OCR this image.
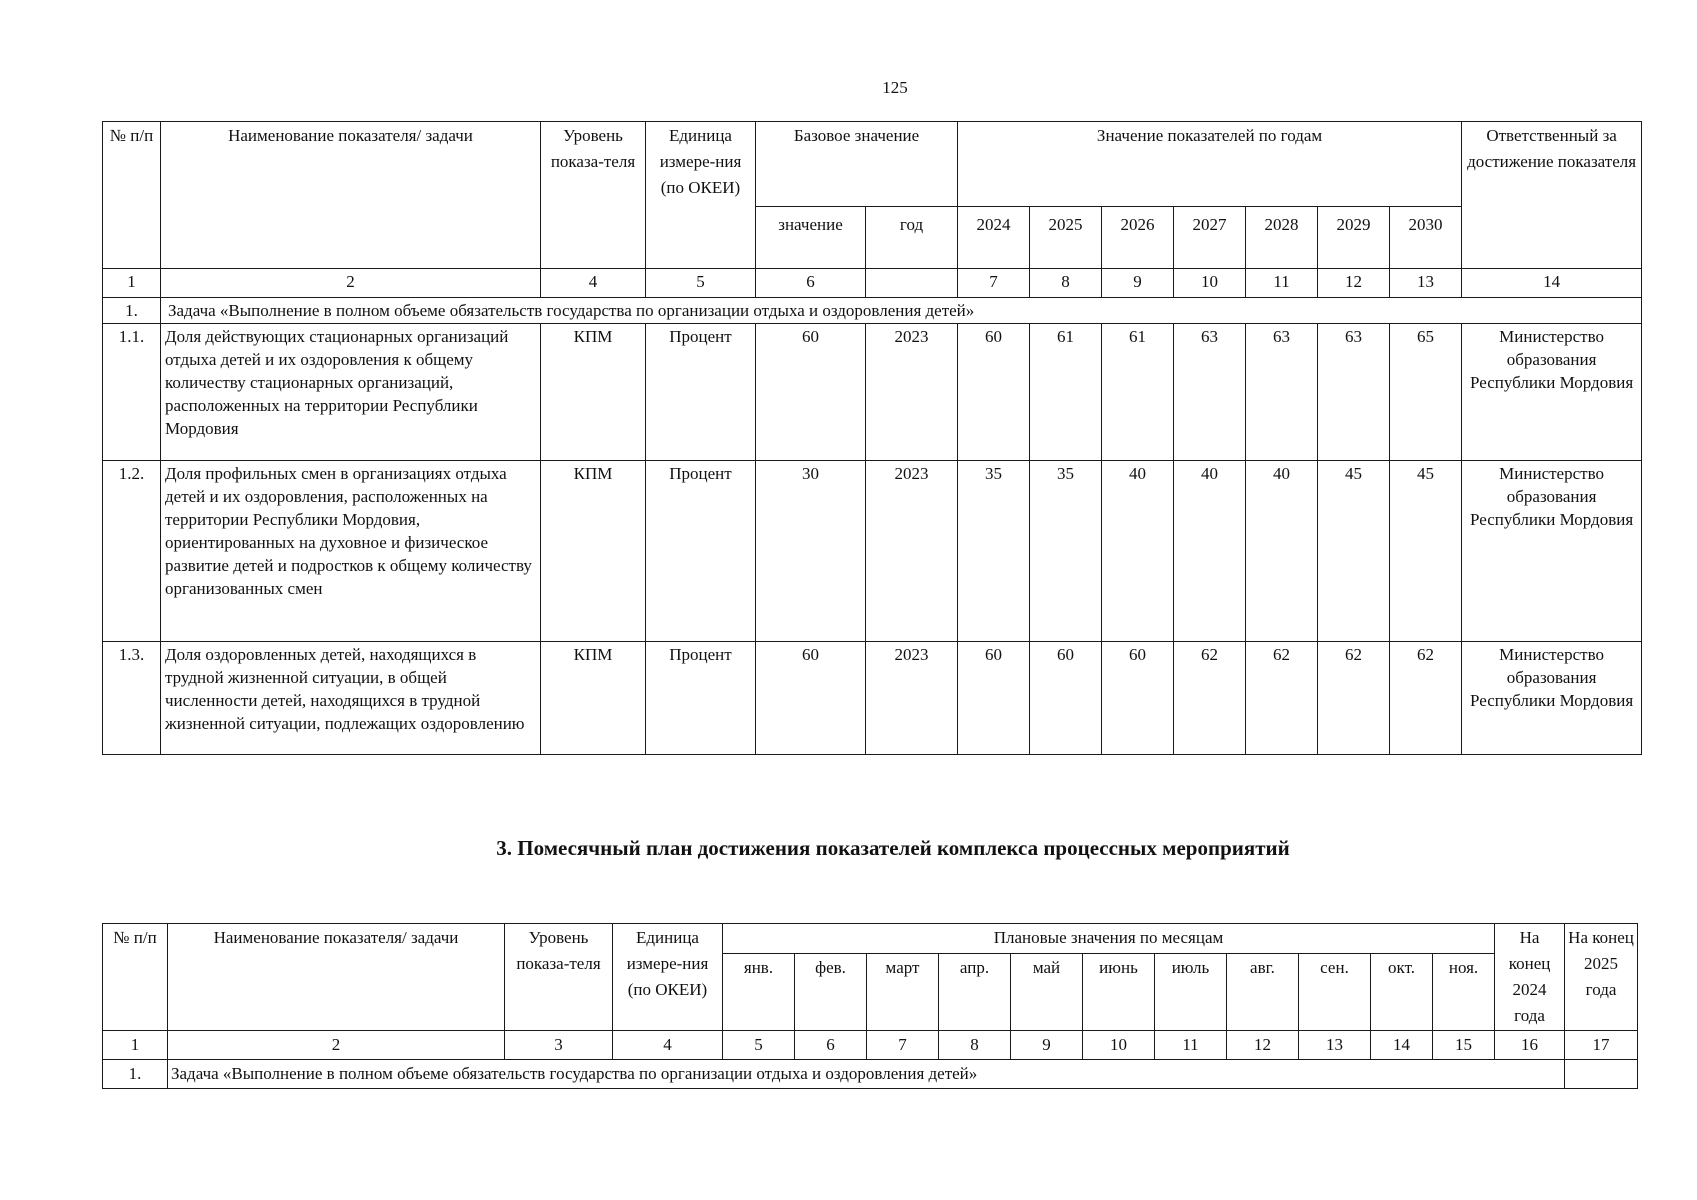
125
№ п/п	Наименование показателя/ задачи	Уровень показа-теля	Единица измере-ния (по ОКЕИ)	Базовое значение		Значение показателей по годам							Ответственный за достижение показателя
				значение	год	2024	2025	2026	2027	2028	2029	2030	
1	2	4	5	6		7	8	9	10	11	12	13	14
1.	Задача «Выполнение в полном объеме обязательств государства по организации отдыха и оздоровления детей»												
1.1.	Доля действующих стационарных организаций отдыха детей и их оздоровления к общему количеству стационарных организаций, расположенных на территории Республики Мордовия	КПМ	Процент	60	2023	60	61	61	63	63	63	65	Министерство образования Республики Мордовия
1.2.	Доля профильных смен в организациях отдыха детей и их оздоровления, расположенных на территории Республики Мордовия, ориентированных на духовное и физическое развитие детей и подростков к общему количеству организованных смен	КПМ	Процент	30	2023	35	35	40	40	40	45	45	Министерство образования Республики Мордовия
1.3.	Доля оздоровленных детей, находящихся в трудной жизненной ситуации, в общей численности детей, находящихся в трудной жизненной ситуации, подлежащих оздоровлению	КПМ	Процент	60	2023	60	60	60	62	62	62	62	Министерство образования Республики Мордовия
3. Помесячный план достижения показателей комплекса процессных мероприятий
№ п/п	Наименование показателя/ задачи	Уровень показа-теля	Единица измере-ния (по ОКЕИ)	Плановые значения по месяцам											На конец 2024 года	На конец 2025 года
				янв.	фев.	март	апр.	май	июнь	июль	авг.	сен.	окт.	ноя.		
1	2	3	4	5	6	7	8	9	10	11	12	13	14	15	16	17
1.	Задача «Выполнение в полном объеме обязательств государства по организации отдыха и оздоровления детей»															
